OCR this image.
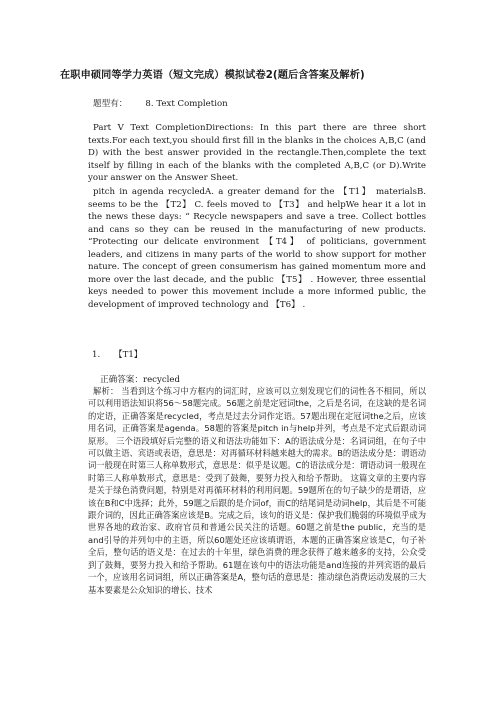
在职申硕同等学力英语（短文完成）模拟试卷2(题后含答案及解析)
题型有： 8. Text Completion
Part V Text CompletionDirections: In this part there are three short texts.For each text,you should first fill in the blanks in the choices A,B,C (and D) with the best answer provided in the rectangle.Then,complete the text itself by filling in each of the blanks with the completed A,B,C (or D).Write your answer on the Answer Sheet.
pitch in agenda recycledA. a greater demand for the 【T1】 materialsB. seems to be the 【T2】 C. feels moved to 【T3】 and helpWe hear it a lot in the news these days: “ Recycle newspapers and save a tree. Collect bottles and cans so they can be reused in the manufacturing of new products. “Protecting our delicate environment 【T4】 of politicians, government leaders, and citizens in many parts of the world to show support for mother nature. The concept of green consumerism has gained momentum more and more over the last decade, and the public 【T5】 . However, three essential keys needed to power this movement include a more informed public, the development of improved technology and 【T6】 .
1. 【T1】
正确答案：recycled
解析： 当看到这个练习中方框内的词汇时，应该可以立刻发现它们的词性各不相同，所以可以利用语法知识将56～58题完成。56题之前是定冠词the，之后是名词，在这缺的是名词的定语，正确答案是recycled，考点是过去分词作定语。57题出现在定冠词the之后，应该用名词，正确答案是agenda。58题的答案是pitch in与help并列，考点是不定式后跟动词原形。 三个语段填好后完整的语义和语法功能如下：A的语法成分是：名词词组，在句子中可以做主语、宾语或表语，意思是：对再循环材料越来越大的需求。B的语法成分是：谓语动词一般现在时第三人称单数形式，意思是：似乎是议题。C的语法成分是：谓语动词一般现在时第三人称单数形式，意思是：受到了鼓舞，要努力投入和给予帮助。 这篇文章的主要内容是关于绿色消费问题，特别是对再循环材料的利用问题。59题所在的句子缺少的是谓语，应该在B和C中选择；此外，59题之后跟的是介词of，而C的结尾词是动词help，其后是不可能跟介词的，因此正确答案应该是B。完成之后，该句的语义是：保护我们脆弱的环境似乎成为世界各地的政治家、政府官员和普通公民关注的话题。60题之前是the public，充当的是and引导的并列句中的主语，所以60题处还应该填谓语，本题的正确答案应该是C，句子补全后，整句话的语义是：在过去的十年里，绿色消费的理念获得了越来越多的支持，公众受到了鼓舞，要努力投入和给予帮助。61题在该句中的语法功能是and连接的并列宾语的最后一个，应该用名词词组，所以正确答案是A，整句话的意思是：推动绿色消费运动发展的三大基本要素是公众知识的增长、技术
